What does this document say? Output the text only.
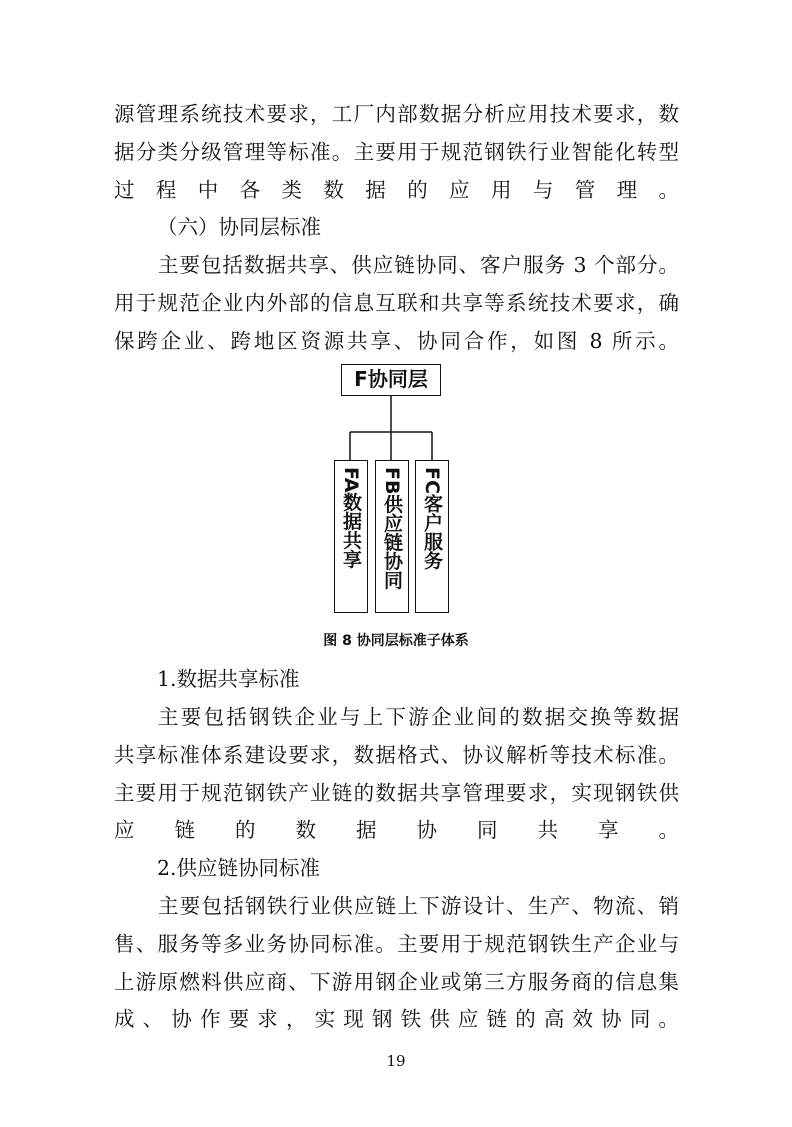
源管理系统技术要求，工厂内部数据分析应用技术要求，数
据分类分级管理等标准。主要用于规范钢铁行业智能化转型
过程中各类数据的应用与管理。
（六）协同层标准
主要包括数据共享、供应链协同、客户服务 3 个部分。
用于规范企业内外部的信息互联和共享等系统技术要求，确
保跨企业、跨地区资源共享、协同合作，如图 8 所示。
F协同层
FA数据共享 FB供应链协同 FC客户服务
图 8 协同层标准子体系
1.数据共享标准
主要包括钢铁企业与上下游企业间的数据交换等数据
共享标准体系建设要求，数据格式、协议解析等技术标准。
主要用于规范钢铁产业链的数据共享管理要求，实现钢铁供
应链的数据协同共享。
2.供应链协同标准
主要包括钢铁行业供应链上下游设计、生产、物流、销
售、服务等多业务协同标准。主要用于规范钢铁生产企业与
上游原燃料供应商、下游用钢企业或第三方服务商的信息集
成、协作要求，实现钢铁供应链的高效协同。
19
